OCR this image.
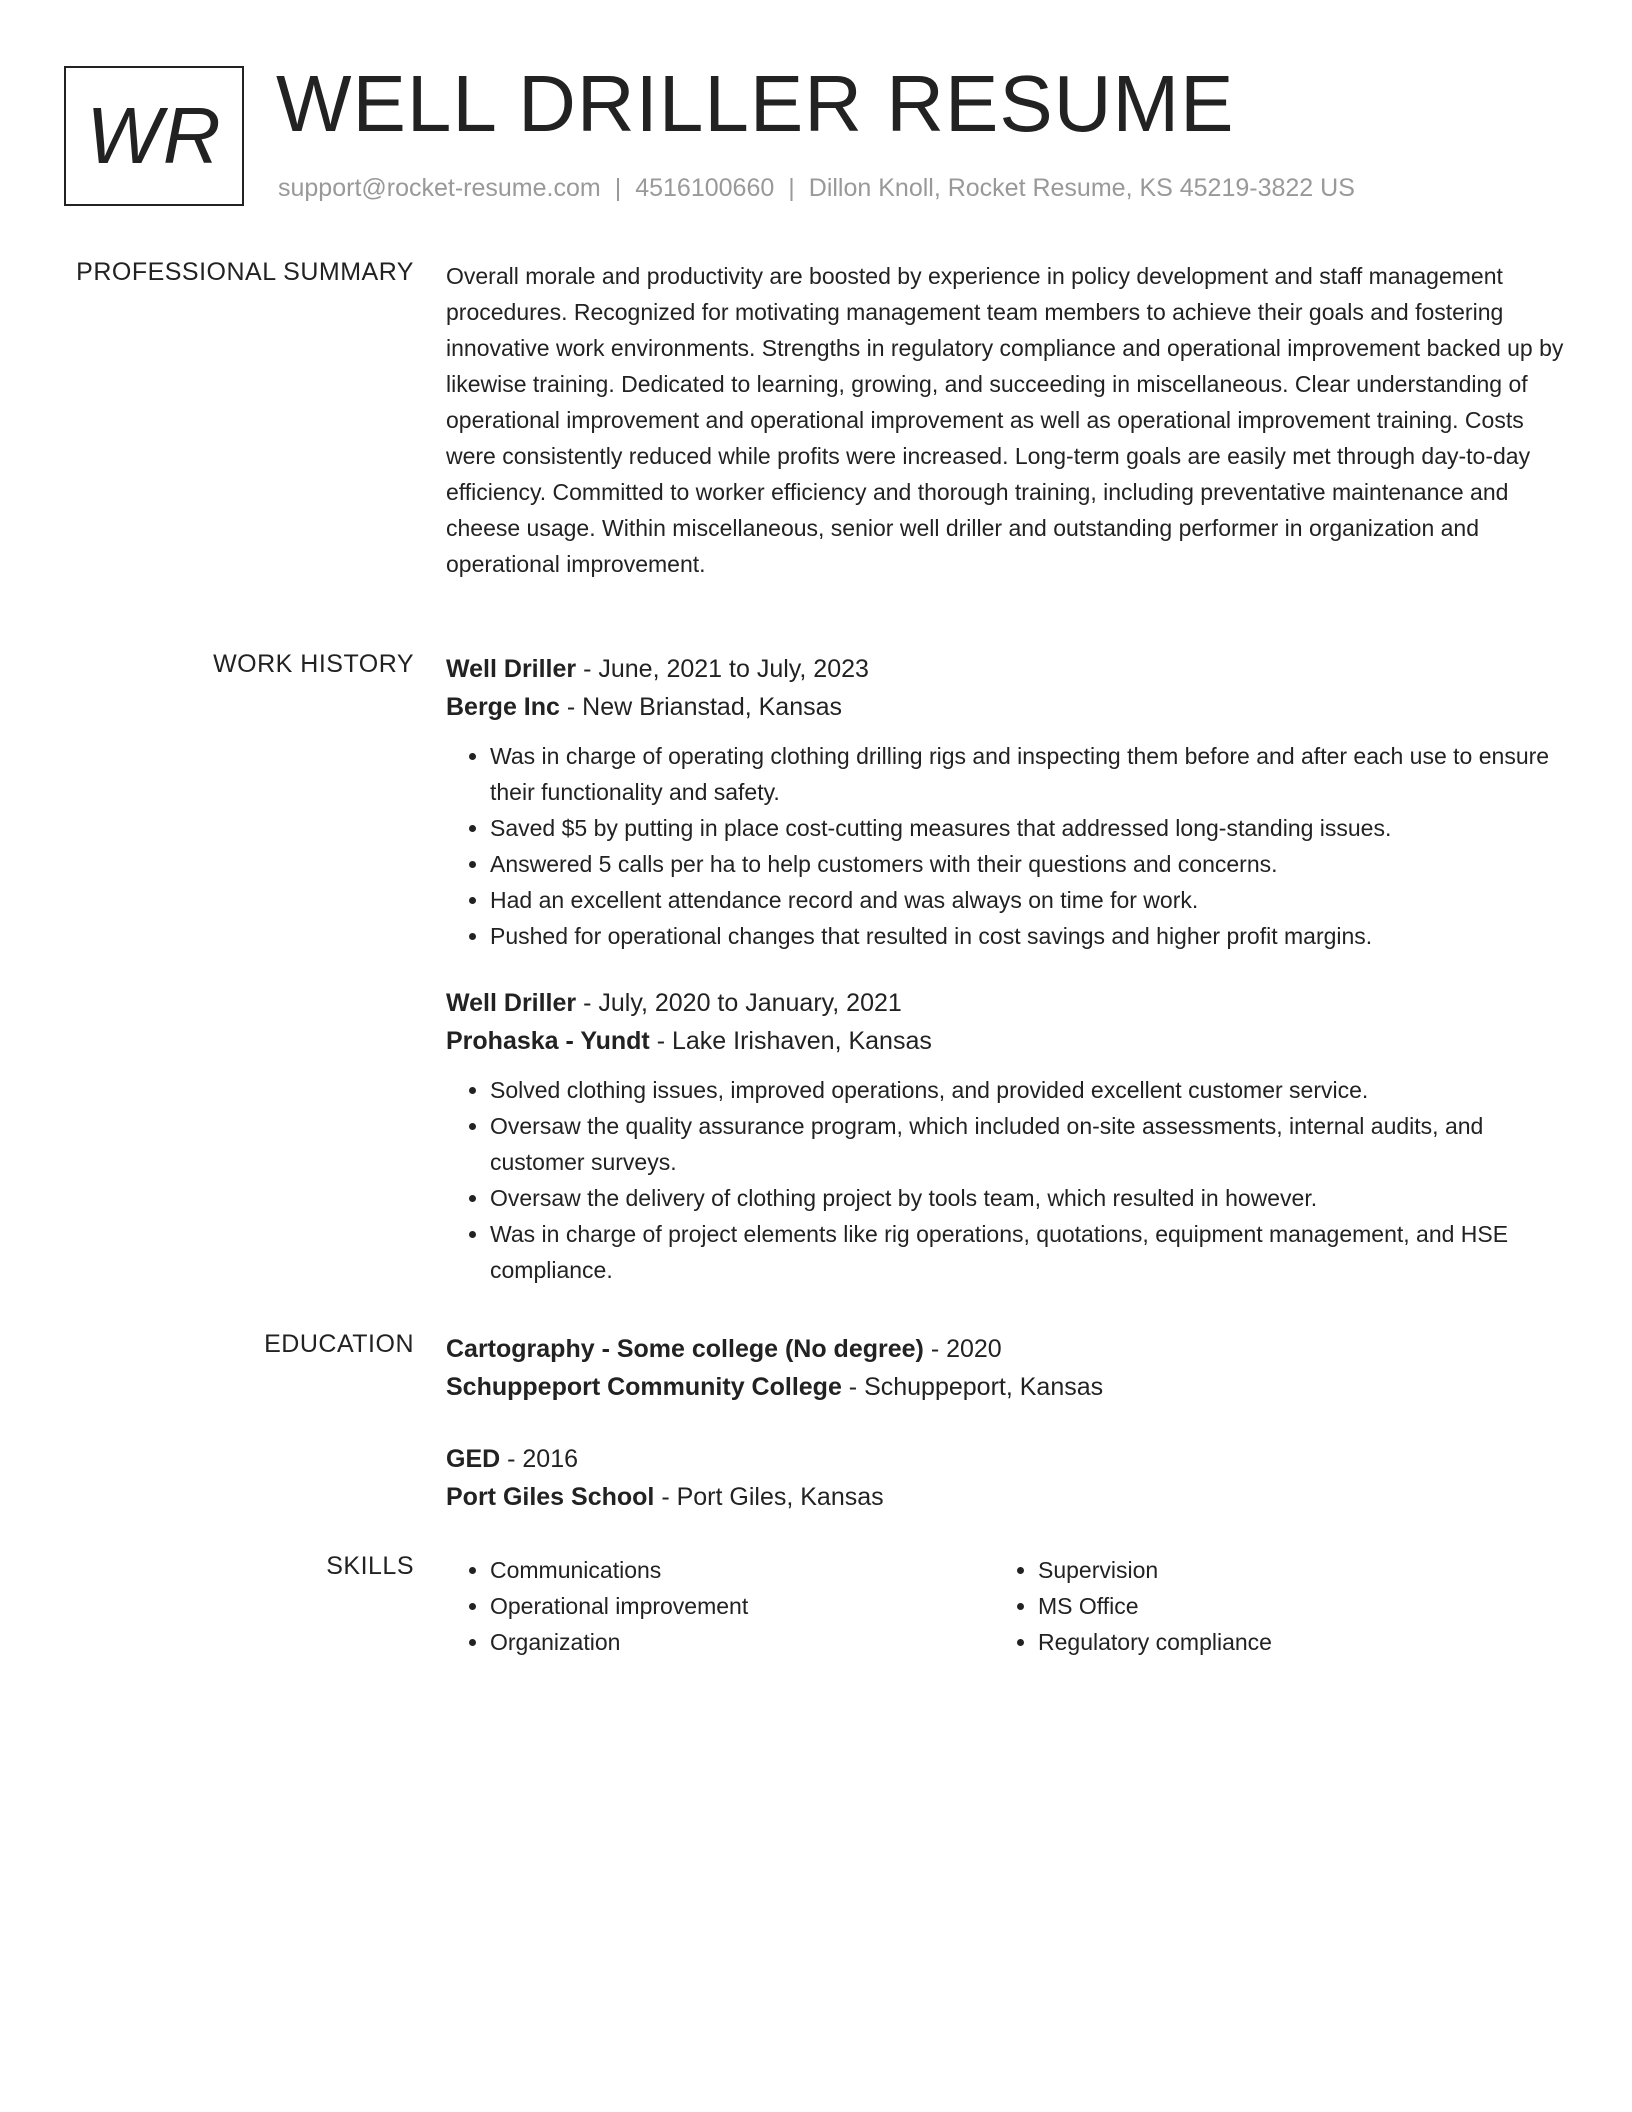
WR WELL DRILLER RESUME
support@rocket-resume.com | 4516100660 | Dillon Knoll, Rocket Resume, KS 45219-3822 US
PROFESSIONAL SUMMARY Overall morale and productivity are boosted by experience in policy development and staff management procedures. Recognized for motivating management team members to achieve their goals and fostering innovative work environments. Strengths in regulatory compliance and operational improvement backed up by likewise training. Dedicated to learning, growing, and succeeding in miscellaneous. Clear understanding of operational improvement and operational improvement as well as operational improvement training. Costs were consistently reduced while profits were increased. Long-term goals are easily met through day-to-day efficiency. Committed to worker efficiency and thorough training, including preventative maintenance and cheese usage. Within miscellaneous, senior well driller and outstanding performer in organization and operational improvement.

WORK HISTORY Well Driller - June, 2021 to July, 2023
Berge Inc - New Brianstad, Kansas
• Was in charge of operating clothing drilling rigs and inspecting them before and after each use to ensure their functionality and safety.
• Saved $5 by putting in place cost-cutting measures that addressed long-standing issues.
• Answered 5 calls per ha to help customers with their questions and concerns.
• Had an excellent attendance record and was always on time for work.
• Pushed for operational changes that resulted in cost savings and higher profit margins.
Well Driller - July, 2020 to January, 2021
Prohaska - Yundt - Lake Irishaven, Kansas
• Solved clothing issues, improved operations, and provided excellent customer service.
• Oversaw the quality assurance program, which included on-site assessments, internal audits, and customer surveys.
• Oversaw the delivery of clothing project by tools team, which resulted in however.
• Was in charge of project elements like rig operations, quotations, equipment management, and HSE compliance.
EDUCATION Cartography - Some college (No degree) - 2020
Schuppeport Community College - Schuppeport, Kansas
GED - 2016
Port Giles School - Port Giles, Kansas
SKILLS
•	Communications
• Operational improvement
• Organization
• Supervision
• MS Office
• Regulatory compliance
